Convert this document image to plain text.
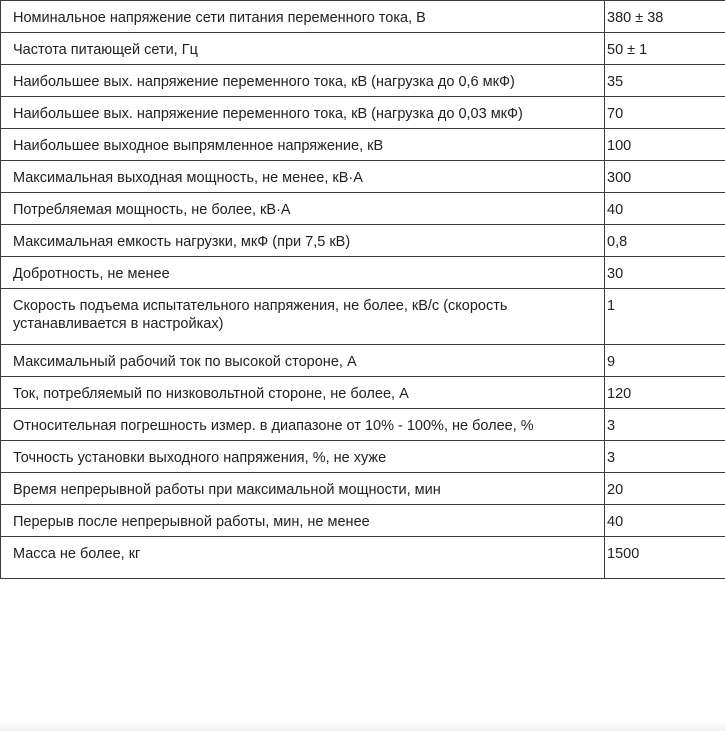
Номинальное напряжение сети питания переменного тока, В	380 ± 38
Частота питающей сети, Гц	50 ± 1
Наибольшее вых. напряжение переменного тока, кВ (нагрузка до 0,6 мкФ)	35
Наибольшее вых. напряжение переменного тока, кВ (нагрузка до 0,03 мкФ)	70
Наибольшее выходное выпрямленное напряжение, кВ	100
Максимальная выходная мощность, не менее, кВ·А	300
Потребляемая мощность, не более, кВ·А	40
Максимальная емкость нагрузки, мкФ (при 7,5 кВ)	0,8
Добротность, не менее	30
Скорость подъема испытательного напряжения, не более, кВ/с (скорость устанавливается в настройках)	1
Максимальный рабочий ток по высокой стороне, А	9
Ток, потребляемый по низковольтной стороне, не более, А	120
Относительная погрешность измер. в диапазоне от 10% - 100%, не более, %	3
Точность установки выходного напряжения, %, не хуже	3
Время непрерывной работы при максимальной мощности, мин	20
Перерыв после непрерывной работы, мин, не менее	40
Масса не более, кг	1500
